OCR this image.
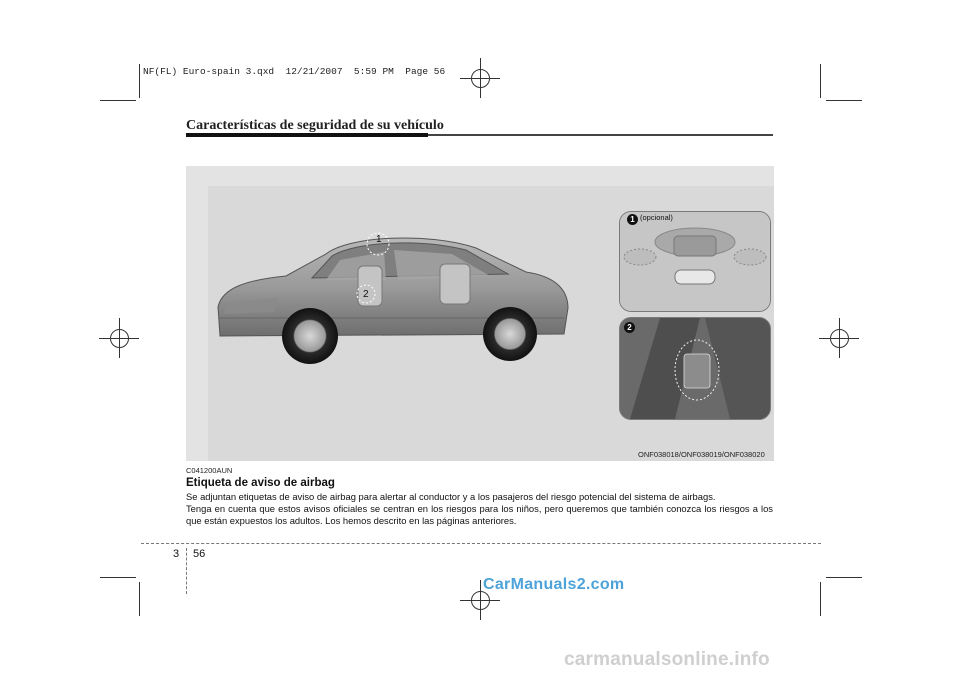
NF(FL) Euro-spain 3.qxd  12/21/2007  5:59 PM  Page 56

Características de seguridad de su vehículo
1
2
1 (opcional)
2
ONF038018/ONF038019/ONF038020

C041200AUN

Etiqueta de aviso de airbag

Se adjuntan etiquetas de aviso de airbag para alertar al conductor y a los pasajeros del riesgo potencial del sistema de airbags.
Tenga en cuenta que estos avisos oficiales se centran en los riesgos para los niños, pero queremos que también conozca los riesgos a los que están expuestos los adultos. Los hemos descrito en las páginas anteriores.

3 56
CarManuals2.com
carmanualsonline.info
